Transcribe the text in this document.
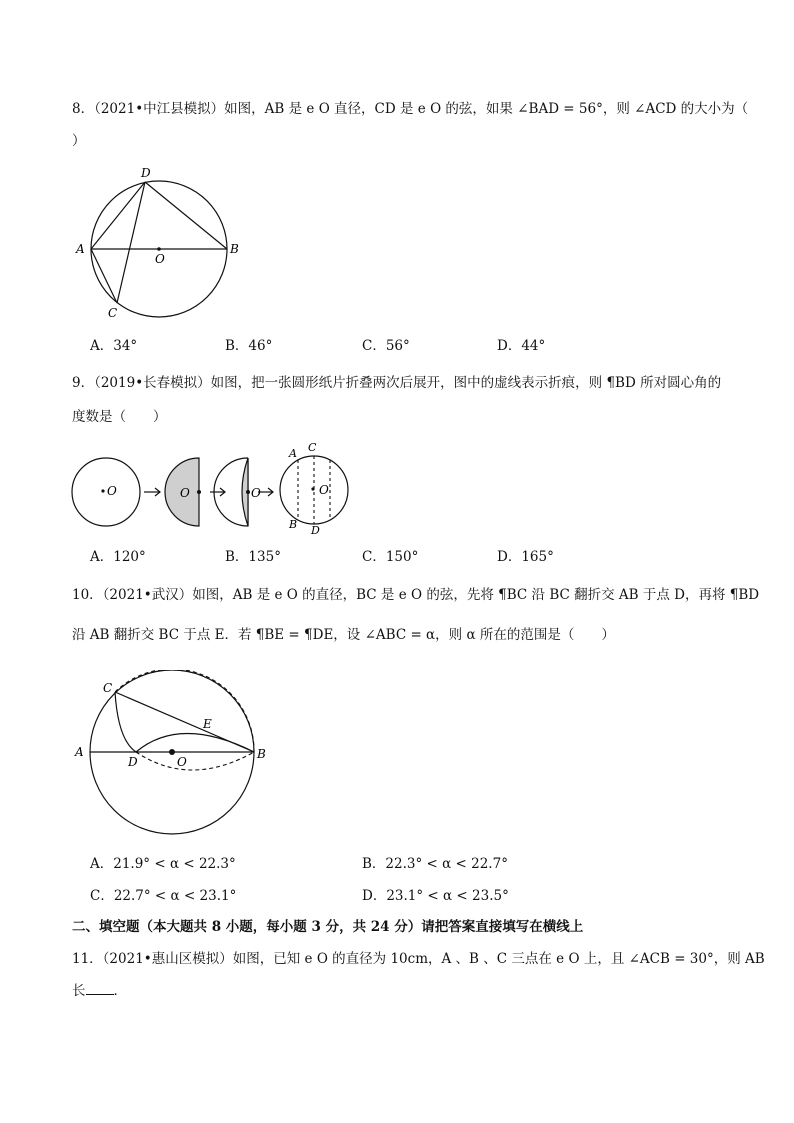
8．（2021•中江县模拟）如图，AB 是 e O 直径，CD 是 e O 的弦，如果 ∠BAD = 56°，则 ∠ACD 的大小为（
）
D
A
O
B
C
A．34°	B．46°	C．56°	D．44°
9．（2019•长春模拟）如图，把一张圆形纸片折叠两次后展开，图中的虚线表示折痕，则 ¶BD 所对圆心角的
度数是（　　）
O	O	O	O
A C
B D
A．120°	B．135°	C．150°	D．165°
10．（2021•武汉）如图，AB 是 e O 的直径，BC 是 e O 的弦，先将 ¶BC 沿 BC 翻折交 AB 于点 D，再将 ¶BD
沿 AB 翻折交 BC 于点 E．若 ¶BE = ¶DE，设 ∠ABC = α，则 α 所在的范围是（　　）
C
E
A
D	O
B
A．21.9° < α < 22.3°	B．22.3° < α < 22.7°
C．22.7° < α < 23.1°	D．23.1° < α < 23.5°
二、填空题（本大题共 8 小题，每小题 3 分，共 24 分）请把答案直接填写在横线上
11．（2021•惠山区模拟）如图，已知 e O 的直径为 10cm，A 、B 、C 三点在 e O 上，且 ∠ACB = 30°，则 AB
长 ．
